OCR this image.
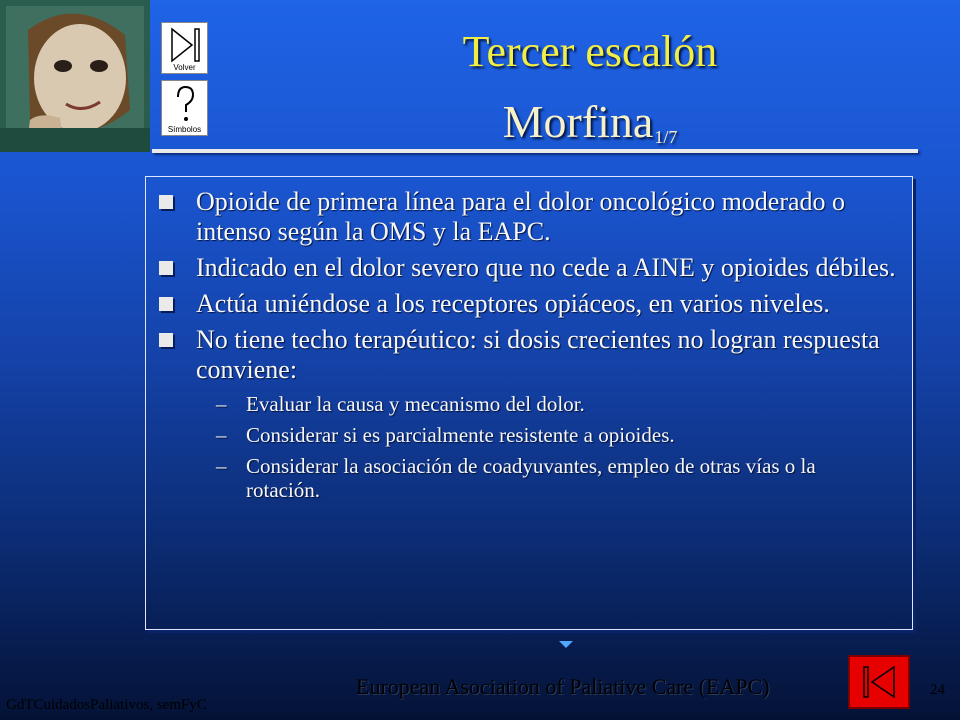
Volver
Símbolos
Tercer escalón
Morfina$_{1/7}$
Opioide de primera línea para el dolor oncológico moderado o intenso según la OMS y la EAPC.
Indicado en el dolor severo que no cede a AINE y opioides débiles.
Actúa uniéndose a los receptores opiáceos, en varios niveles.
No tiene techo terapéutico: si dosis crecientes no logran respuesta conviene:
– Evaluar la causa y mecanismo del dolor.
– Considerar si es parcialmente resistente a opioides.
– Considerar la asociación de coadyuvantes, empleo de otras vías o la rotación.
European Asociation of Paliative Care (EAPC)
GdTCuidadosPaliativos, semFyC
24
